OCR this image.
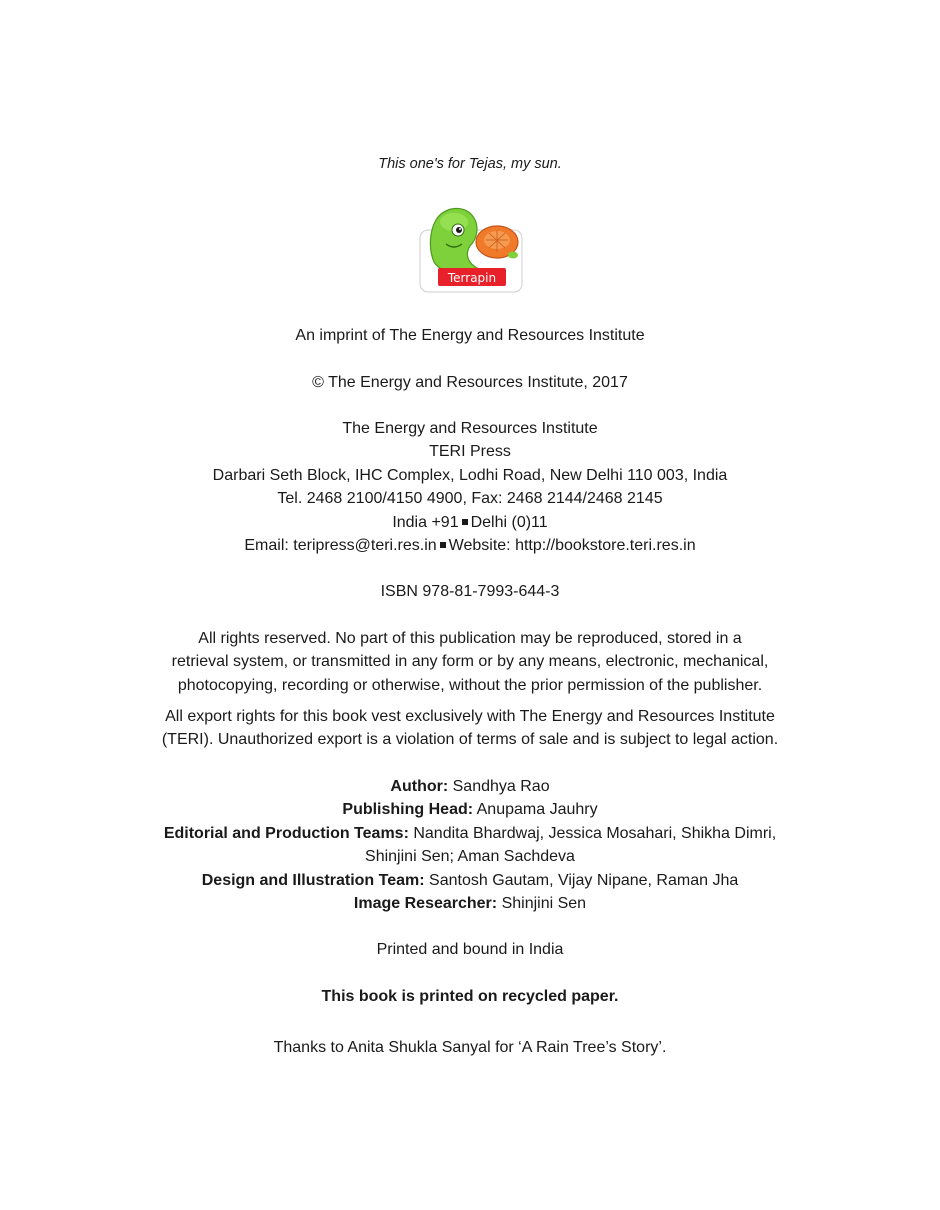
This one's for Tejas, my sun.
Terrapin
An imprint of The Energy and Resources Institute
© The Energy and Resources Institute, 2017
The Energy and Resources Institute
TERI Press
Darbari Seth Block, IHC Complex, Lodhi Road, New Delhi 110 003, India
Tel. 2468 2100/4150 4900, Fax: 2468 2144/2468 2145
India +91 Delhi (0)11
Email: teripress@teri.res.in Website: http://bookstore.teri.res.in
ISBN 978-81-7993-644-3
All rights reserved. No part of this publication may be reproduced, stored in a
retrieval system, or transmitted in any form or by any means, electronic, mechanical,
photocopying, recording or otherwise, without the prior permission of the publisher.
All export rights for this book vest exclusively with The Energy and Resources Institute
(TERI). Unauthorized export is a violation of terms of sale and is subject to legal action.
Author: Sandhya Rao
Publishing Head: Anupama Jauhry
Editorial and Production Teams: Nandita Bhardwaj, Jessica Mosahari, Shikha Dimri,
Shinjini Sen; Aman Sachdeva
Design and Illustration Team: Santosh Gautam, Vijay Nipane, Raman Jha
Image Researcher: Shinjini Sen
Printed and bound in India
This book is printed on recycled paper.
Thanks to Anita Shukla Sanyal for ‘A Rain Tree’s Story’.
